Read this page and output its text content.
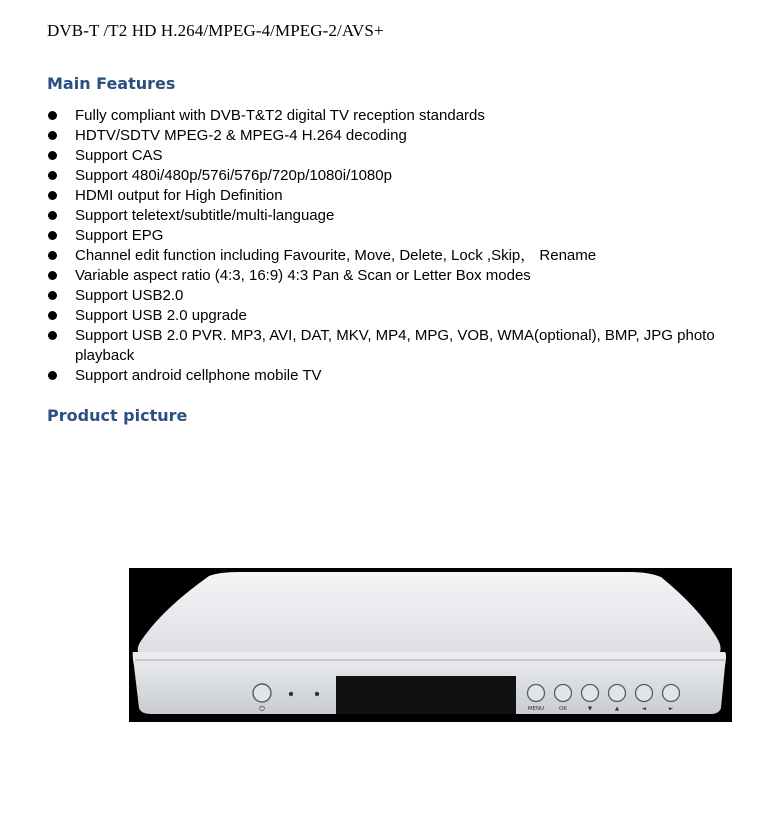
DVB-T /T2 HD H.264/MPEG-4/MPEG-2/AVS+
Main Features
Fully compliant with DVB-T&T2 digital TV reception standards
HDTV/SDTV MPEG-2 & MPEG-4 H.264 decoding
Support CAS
Support 480i/480p/576i/576p/720p/1080i/1080p
HDMI output for High Definition
Support teletext/subtitle/multi-language
Support EPG
Channel edit function including Favourite, Move, Delete, Lock ,Skip， Rename
Variable aspect ratio (4:3, 16:9) 4:3 Pan & Scan or Letter Box modes
Support USB2.0
Support USB 2.0 upgrade
Support USB 2.0 PVR. MP3, AVI, DAT, MKV, MP4, MPG, VOB, WMA(optional), BMP, JPG photo playback
Support android cellphone mobile TV
Product picture
⏻	MENU	OK	▼	▲	◄	►
